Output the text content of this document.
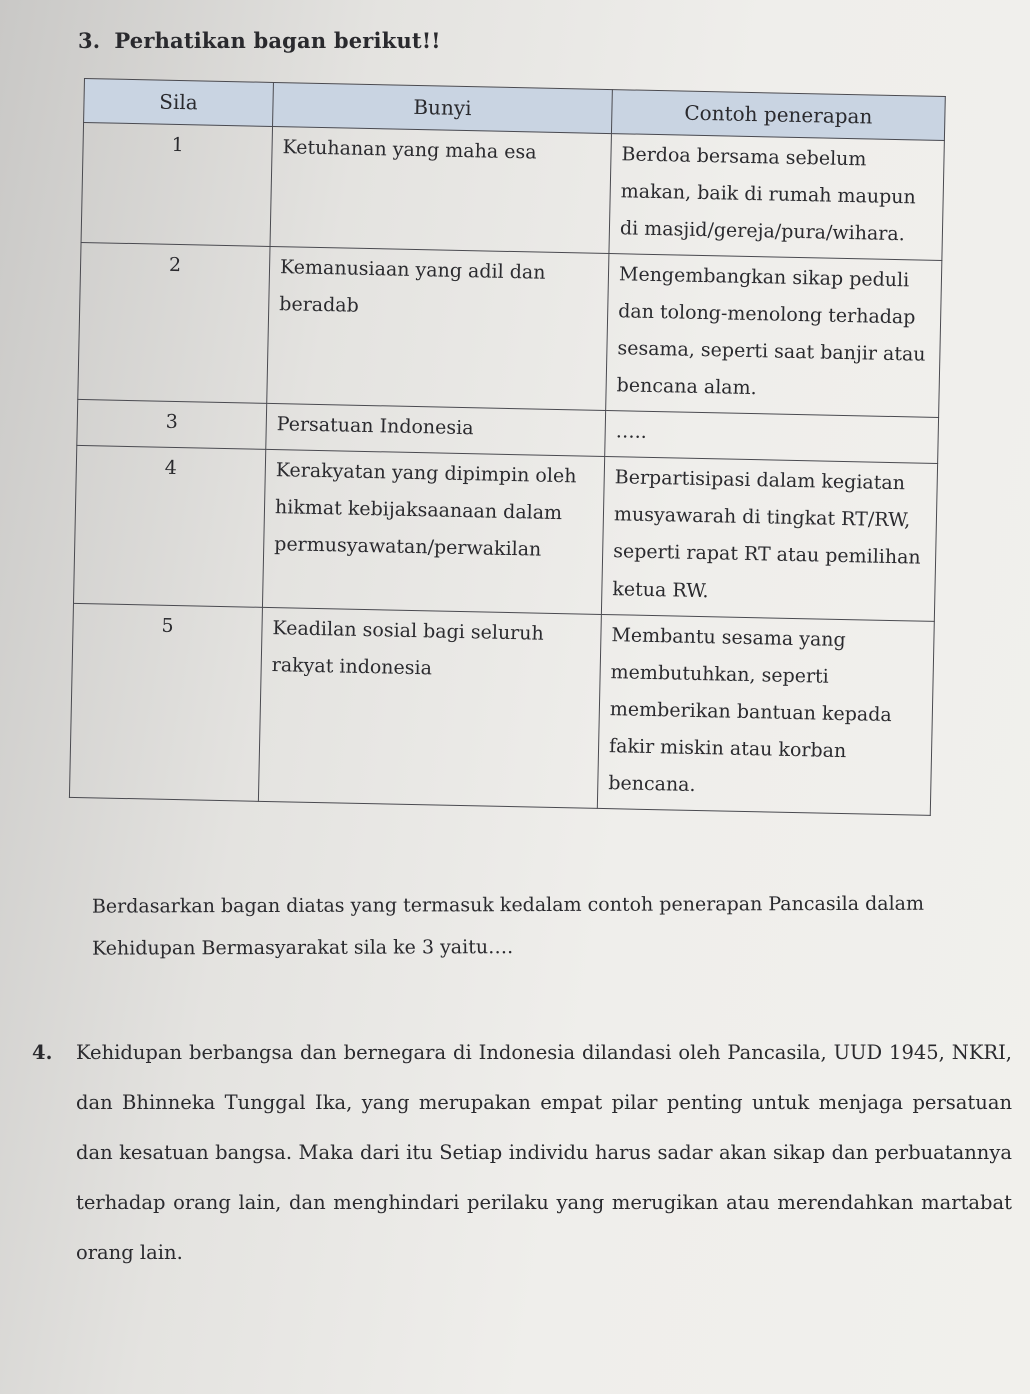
3. Perhatikan bagan berikut!!
Sila	Bunyi	Contoh penerapan
1	Ketuhanan yang maha esa	Berdoa bersama sebelum makan, baik di rumah maupun di masjid/gereja/pura/wihara.
2	Kemanusiaan yang adil dan beradab	Mengembangkan sikap peduli dan tolong-menolong terhadap sesama, seperti saat banjir atau bencana alam.
3	Persatuan Indonesia	…..
4	Kerakyatan yang dipimpin oleh hikmat kebijaksaanaan dalam permusyawatan/perwakilan	Berpartisipasi dalam kegiatan musyawarah di tingkat RT/RW, seperti rapat RT atau pemilihan ketua RW.
5	Keadilan sosial bagi seluruh rakyat indonesia	Membantu sesama yang membutuhkan, seperti memberikan bantuan kepada fakir miskin atau korban bencana.
Berdasarkan bagan diatas yang termasuk kedalam contoh penerapan Pancasila dalam
Kehidupan Bermasyarakat sila ke 3 yaitu….
4.	Kehidupan berbangsa dan bernegara di Indonesia dilandasi oleh Pancasila, UUD 1945, NKRI, dan Bhinneka Tunggal Ika, yang merupakan empat pilar penting untuk menjaga persatuan dan kesatuan bangsa. Maka dari itu Setiap individu harus sadar akan sikap dan perbuatannya terhadap orang lain, dan menghindari perilaku yang merugikan atau merendahkan martabat orang lain.
